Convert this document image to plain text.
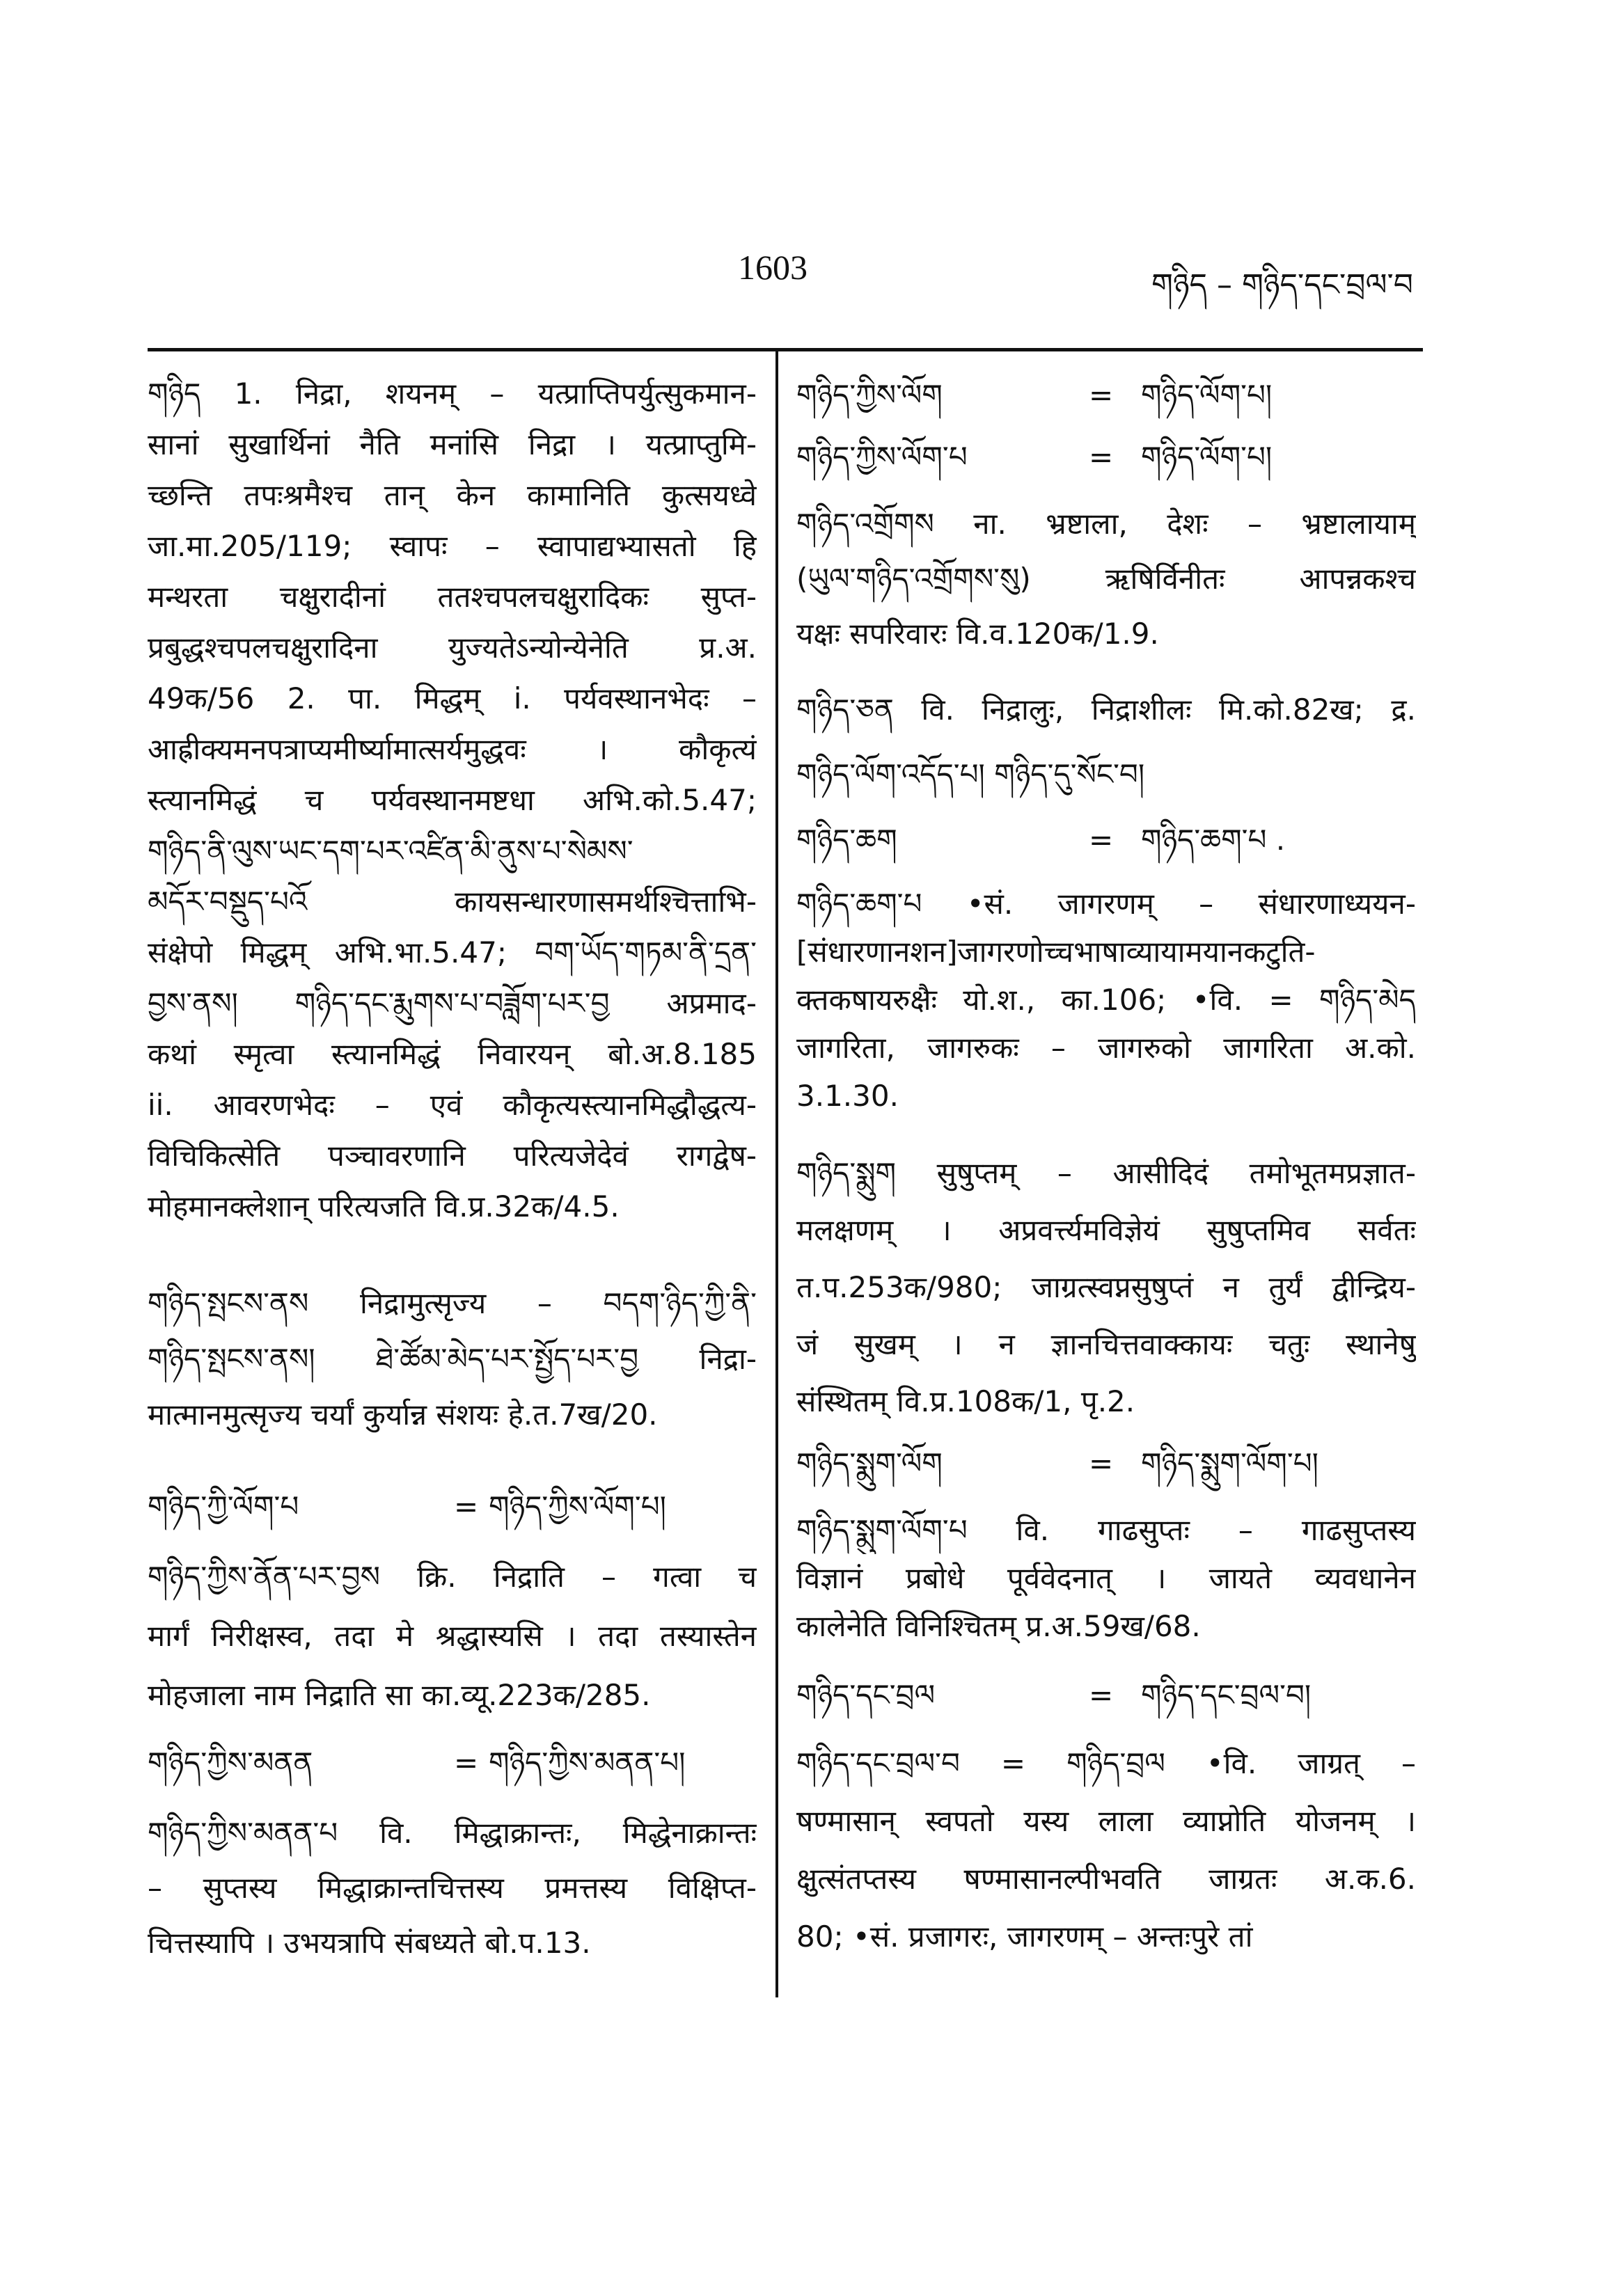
1603	གཉིད – གཉིད་དང་བྲལ་བ
གཉིད 1. निद्रा, शयनम् – यत्प्राप्तिपर्युत्सुकमान-
सानां सुखार्थिनां नैति मनांसि निद्रा । यत्प्राप्तुमि-
च्छन्ति तपःश्रमैश्च तान् केन कामानिति कुत्सयध्वे
जा.मा.205/119; स्वापः – स्वापाद्यभ्यासतो हि
मन्थरता चक्षुरादीनां ततश्चपलचक्षुरादिकः सुप्त-
प्रबुद्धश्चपलचक्षुरादिना युज्यतेऽन्योन्येनेति प्र.अ.
49क/56 2. पा. मिद्धम् i. पर्यवस्थानभेदः –
आह्रीक्यमनपत्राप्यमीर्ष्यामात्सर्यमुद्धवः । कौकृत्यं
स्त्यानमिद्धं च पर्यवस्थानमष्टधा अभि.को.5.47;
གཉིད་ནི་ལུས་ཡང་དག་པར་འཛིན་མི་ནུས་པ་སེམས་
མདོར་བསྡུད་པའོ कायसन्धारणासमर्थश्चित्ताभि-
संक्षेपो मिद्धम् अभि.भा.5.47; བག་ཡོད་གཏམ་ནི་དྲན་
བྱས་ནས། གཉིད་དང་རྨུགས་པ་བཟློག་པར་བྱ अप्रमाद-
कथां स्मृत्वा स्त्यानमिद्धं निवारयन् बो.अ.8.185
ii. आवरणभेदः – एवं कौकृत्यस्त्यानमिद्धौद्धत्य-
विचिकित्सेति पञ्चावरणानि परित्यजेदेवं रागद्वेष-
मोहमानक्लेशान् परित्यजति वि.प्र.32क/4.5.
གཉིད་སྤངས་ནས निद्रामुत्सृज्य – བདག་ཉིད་ཀྱི་ནི་
གཉིད་སྤངས་ནས། ཐེ་ཚོམ་མེད་པར་སྤྱོད་པར་བྱ निद्रा-
मात्मानमुत्सृज्य चर्यां कुर्यान्न संशयः हे.त.7ख/20.
གཉིད་ཀྱི་ལོག་པ	= གཉིད་ཀྱིས་ལོག་པ།
གཉིད་ཀྱིས་ནོན་པར་བྱས क्रि. निद्राति – गत्वा च
मार्गं निरीक्षस्व, तदा मे श्रद्धास्यसि । तदा तस्यास्तेन
मोहजाला नाम निद्राति सा का.व्यू.223क/285.
གཉིད་ཀྱིས་མནན	= གཉིད་ཀྱིས་མནན་པ།
གཉིད་ཀྱིས་མནན་པ वि. मिद्धाक्रान्तः, मिद्धेनाक्रान्तः
– सुप्तस्य मिद्धाक्रान्तचित्तस्य प्रमत्तस्य विक्षिप्त-
चित्तस्यापि । उभयत्रापि संबध्यते बो.प.13.
གཉིད་ཀྱིས་ལོག	= གཉིད་ལོག་པ།
གཉིད་ཀྱིས་ལོག་པ	= གཉིད་ལོག་པ།
གཉིད་འགྲོགས ना. भ्रष्टाला, देशः – भ्रष्टालायाम्
(ཡུལ་གཉིད་འགྲོགས་སུ) ऋषिर्विनीतः आपन्नकश्च
यक्षः सपरिवारः वि.व.120क/1.9.
གཉིད་ཅན वि. निद्रालुः, निद्राशीलः मि.को.82ख; द्र.
གཉིད་ལོག་འདོད་པ། གཉིད་དུ་སོང་བ།
གཉིད་ཆག	= གཉིད་ཆག་པ .
གཉིད་ཆག་པ •सं. जागरणम् – संधारणाध्ययन-
[संधारणानशन]जागरणोच्चभाषाव्यायामयानकटुति-
क्तकषायरुक्षैः यो.श., का.106; •वि. = གཉིད་མེད
जागरिता, जागरुकः – जागरुको जागरिता अ.को.
3.1.30.
གཉིད་སྨུག सुषुप्तम् – आसीदिदं तमोभूतमप्रज्ञात-
मलक्षणम् । अप्रवर्त्त्यमविज्ञेयं सुषुप्तमिव सर्वतः
त.प.253क/980; जाग्रत्स्वप्नसुषुप्तं न तुर्यं द्वीन्द्रिय-
जं सुखम् । न ज्ञानचित्तवाक्कायः चतुः स्थानेषु
संस्थितम् वि.प्र.108क/1, पृ.2.
གཉིད་སྨུག་ལོག	= གཉིད་སྨུག་ལོག་པ།
གཉིད་སྨུག་ལོག་པ वि. गाढसुप्तः – गाढसुप्तस्य
विज्ञानं प्रबोधे पूर्ववेदनात् । जायते व्यवधानेन
कालेनेति विनिश्चितम् प्र.अ.59ख/68.
གཉིད་དང་བྲལ	= གཉིད་དང་བྲལ་བ།
གཉིད་དང་བྲལ་བ = གཉིད་བྲལ •वि. जाग्रत् –
षण्मासान् स्वपतो यस्य लाला व्याप्नोति योजनम् ।
क्षुत्संतप्तस्य षण्मासानल्पीभवति जाग्रतः अ.क.6.
80; •सं. प्रजागरः, जागरणम् – अन्तःपुरे तां
